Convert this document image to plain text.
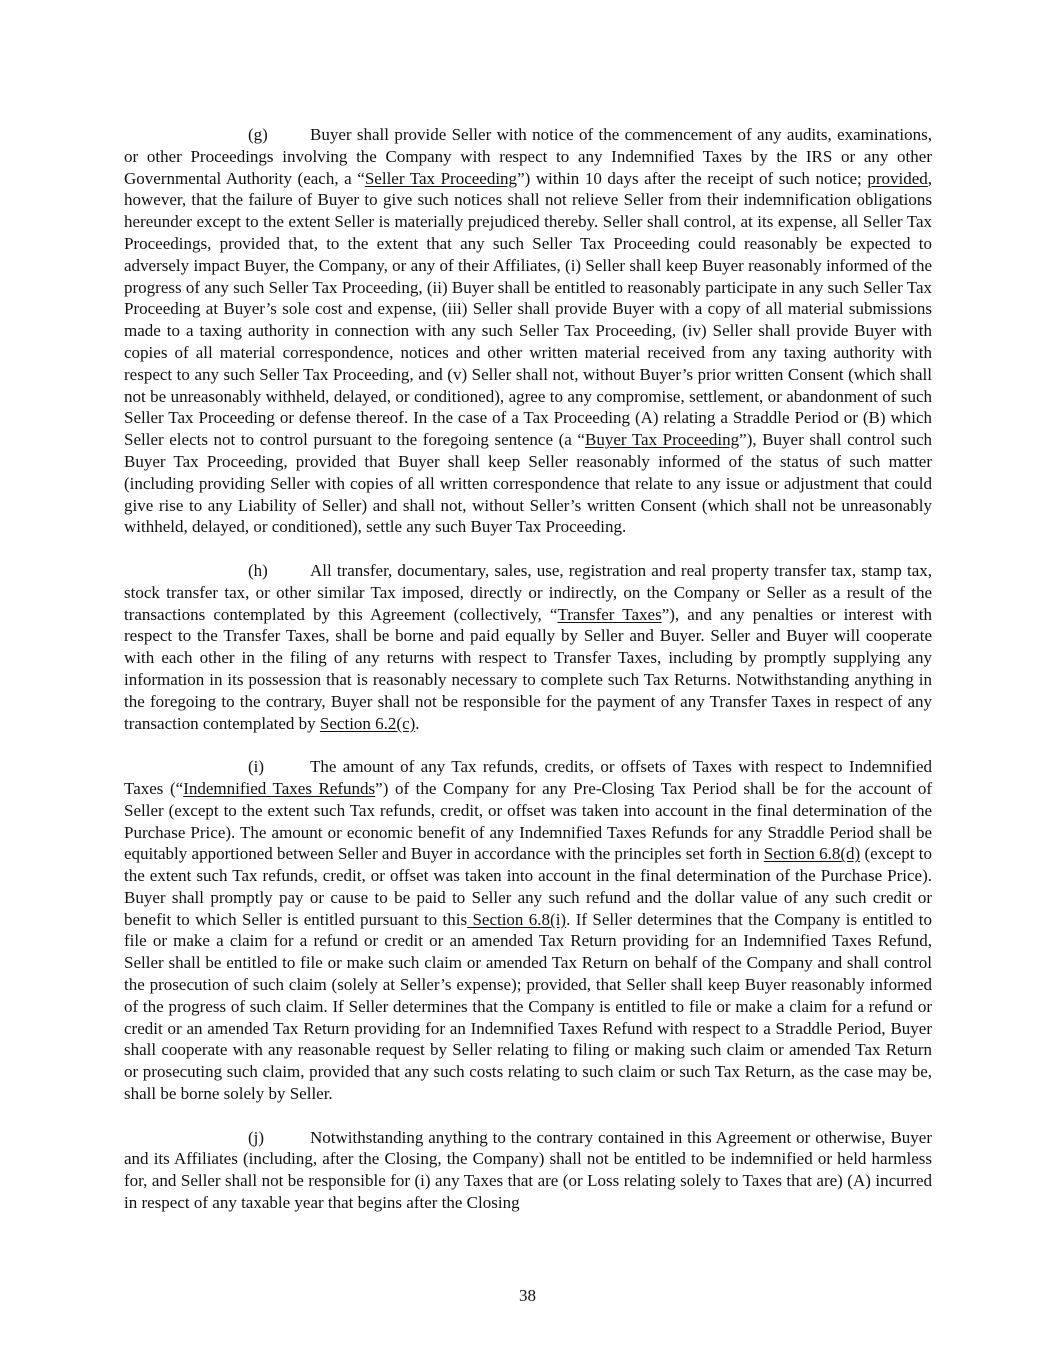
(g) Buyer shall provide Seller with notice of the commencement of any audits, examinations, or other Proceedings involving the Company with respect to any Indemnified Taxes by the IRS or any other Governmental Authority (each, a “Seller Tax Proceeding”) within 10 days after the receipt of such notice; provided, however, that the failure of Buyer to give such notices shall not relieve Seller from their indemnification obligations hereunder except to the extent Seller is materially prejudiced thereby. Seller shall control, at its expense, all Seller Tax Proceedings, provided that, to the extent that any such Seller Tax Proceeding could reasonably be expected to adversely impact Buyer, the Company, or any of their Affiliates, (i) Seller shall keep Buyer reasonably informed of the progress of any such Seller Tax Proceeding, (ii) Buyer shall be entitled to reasonably participate in any such Seller Tax Proceeding at Buyer’s sole cost and expense, (iii) Seller shall provide Buyer with a copy of all material submissions made to a taxing authority in connection with any such Seller Tax Proceeding, (iv) Seller shall provide Buyer with copies of all material correspondence, notices and other written material received from any taxing authority with respect to any such Seller Tax Proceeding, and (v) Seller shall not, without Buyer’s prior written Consent (which shall not be unreasonably withheld, delayed, or conditioned), agree to any compromise, settlement, or abandonment of such Seller Tax Proceeding or defense thereof. In the case of a Tax Proceeding (A) relating a Straddle Period or (B) which Seller elects not to control pursuant to the foregoing sentence (a “Buyer Tax Proceeding”), Buyer shall control such Buyer Tax Proceeding, provided that Buyer shall keep Seller reasonably informed of the status of such matter (including providing Seller with copies of all written correspondence that relate to any issue or adjustment that could give rise to any Liability of Seller) and shall not, without Seller’s written Consent (which shall not be unreasonably withheld, delayed, or conditioned), settle any such Buyer Tax Proceeding.

(h) All transfer, documentary, sales, use, registration and real property transfer tax, stamp tax, stock transfer tax, or other similar Tax imposed, directly or indirectly, on the Company or Seller as a result of the transactions contemplated by this Agreement (collectively, “Transfer Taxes”), and any penalties or interest with respect to the Transfer Taxes, shall be borne and paid equally by Seller and Buyer. Seller and Buyer will cooperate with each other in the filing of any returns with respect to Transfer Taxes, including by promptly supplying any information in its possession that is reasonably necessary to complete such Tax Returns. Notwithstanding anything in the foregoing to the contrary, Buyer shall not be responsible for the payment of any Transfer Taxes in respect of any transaction contemplated by Section 6.2(c).

(i)	The amount of any Tax refunds, credits, or offsets of Taxes with respect to Indemnified Taxes (“Indemnified Taxes Refunds”) of the Company for any Pre-Closing Tax Period shall be for the account of Seller (except to the extent such Tax refunds, credit, or offset was taken into account in the final determination of the Purchase Price). The amount or economic benefit of any Indemnified Taxes Refunds for any Straddle Period shall be equitably apportioned between Seller and Buyer in accordance with the principles set forth in Section 6.8(d) (except to the extent such Tax refunds, credit, or offset was taken into account in the final determination of the Purchase Price). Buyer shall promptly pay or cause to be paid to Seller any such refund and the dollar value of any such credit or benefit to which Seller is entitled pursuant to this Section 6.8(i). If Seller determines that the Company is entitled to file or make a claim for a refund or credit or an amended Tax Return providing for an Indemnified Taxes Refund, Seller shall be entitled to file or make such claim or amended Tax Return on behalf of the Company and shall control the prosecution of such claim (solely at Seller’s expense); provided, that Seller shall keep Buyer reasonably informed of the progress of such claim. If Seller determines that the Company is entitled to file or make a claim for a refund or credit or an amended Tax Return providing for an Indemnified Taxes Refund with respect to a Straddle Period, Buyer shall cooperate with any reasonable request by Seller relating to filing or making such claim or amended Tax Return or prosecuting such claim, provided that any such costs relating to such claim or such Tax Return, as the case may be, shall be borne solely by Seller.

(j)	Notwithstanding anything to the contrary contained in this Agreement or otherwise, Buyer and its Affiliates (including, after the Closing, the Company) shall not be entitled to be indemnified or held harmless for, and Seller shall not be responsible for (i) any Taxes that are (or Loss relating solely to Taxes that are) (A) incurred in respect of any taxable year that begins after the Closing

38
